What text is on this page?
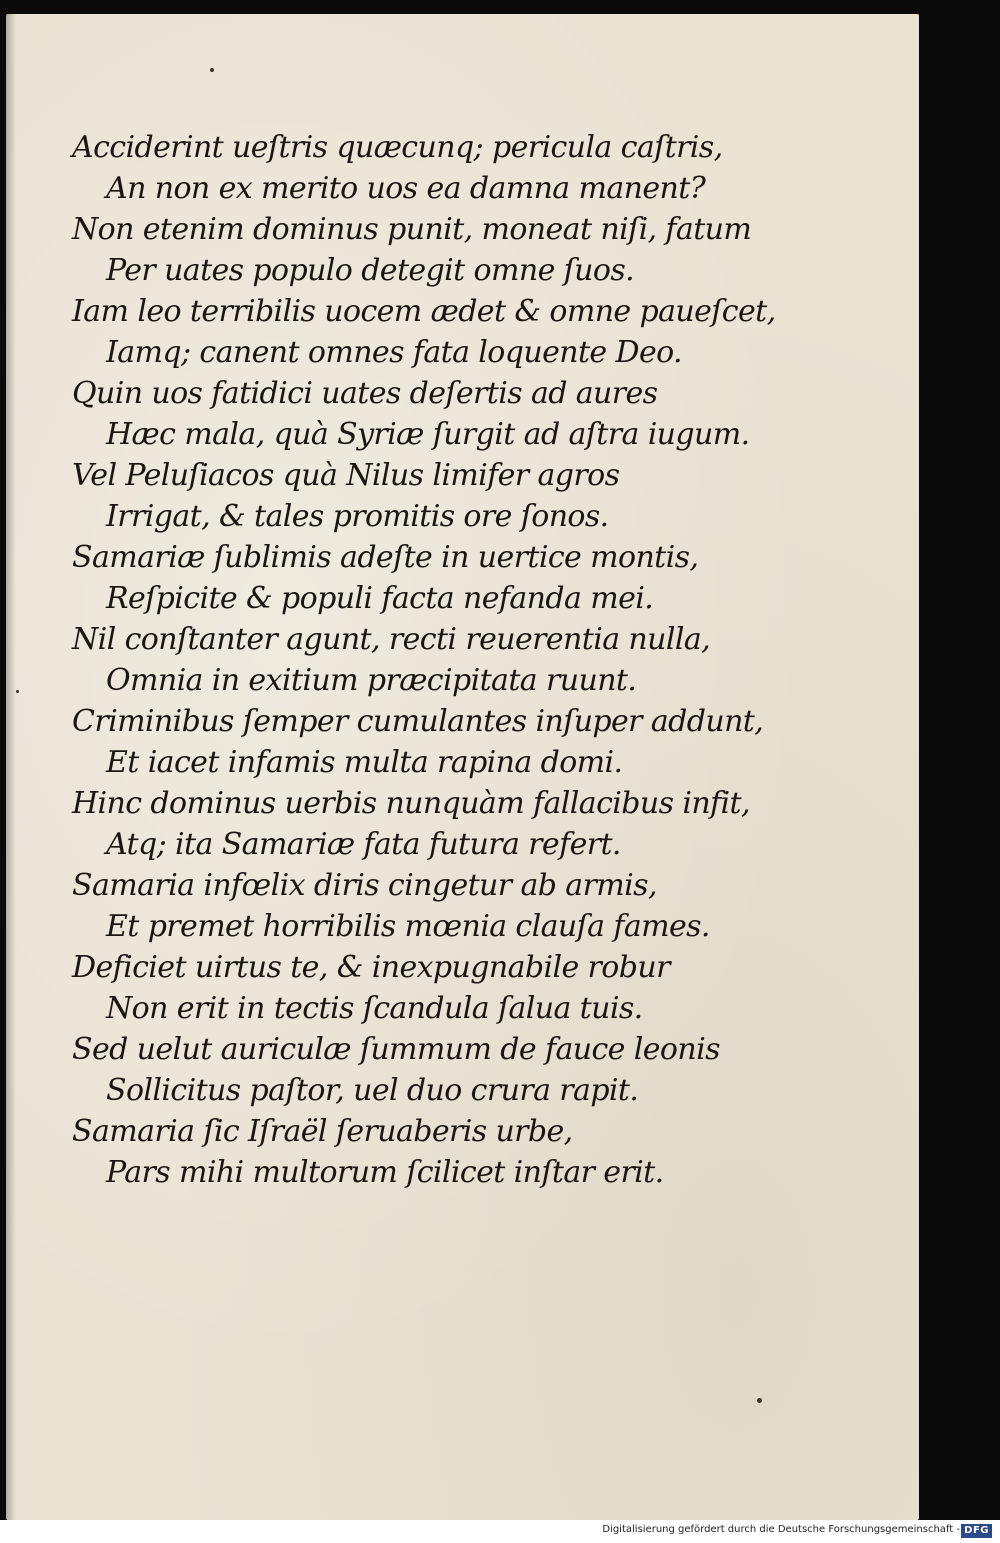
Acciderint ueſtris quæcunq; pericula caſtris,
An non ex merito uos ea damna manent?
Non etenim dominus punit, moneat niſi, fatum
Per uates populo detegit omne ſuos.
Iam leo terribilis uocem ædet & omne paueſcet,
Iamq; canent omnes fata loquente Deo.
Quin uos fatidici uates deſertis ad aures
Hæc mala, quà Syriæ ſurgit ad aſtra iugum.
Vel Peluſiacos quà Nilus limifer agros
Irrigat, & tales promitis ore ſonos.
Samariæ ſublimis adeſte in uertice montis,
Reſpicite & populi facta nefanda mei.
Nil conſtanter agunt, recti reuerentia nulla,
Omnia in exitium præcipitata ruunt.
Criminibus ſemper cumulantes inſuper addunt,
Et iacet infamis multa rapina domi.
Hinc dominus uerbis nunquàm fallacibus infit,
Atq; ita Samariæ fata futura refert.
Samaria infœlix diris cingetur ab armis,
Et premet horribilis mœnia clauſa fames.
Deficiet uirtus te, & inexpugnabile robur
Non erit in tectis ſcandula ſalua tuis.
Sed uelut auriculæ ſummum de fauce leonis
Sollicitus paſtor, uel duo crura rapit.
Samaria ſic Iſraël ſeruaberis urbe,
Pars mihi multorum ſcilicet inſtar erit.
Digitalisierung gefördert durch die Deutsche Forschungsgemeinschaft - DFG
